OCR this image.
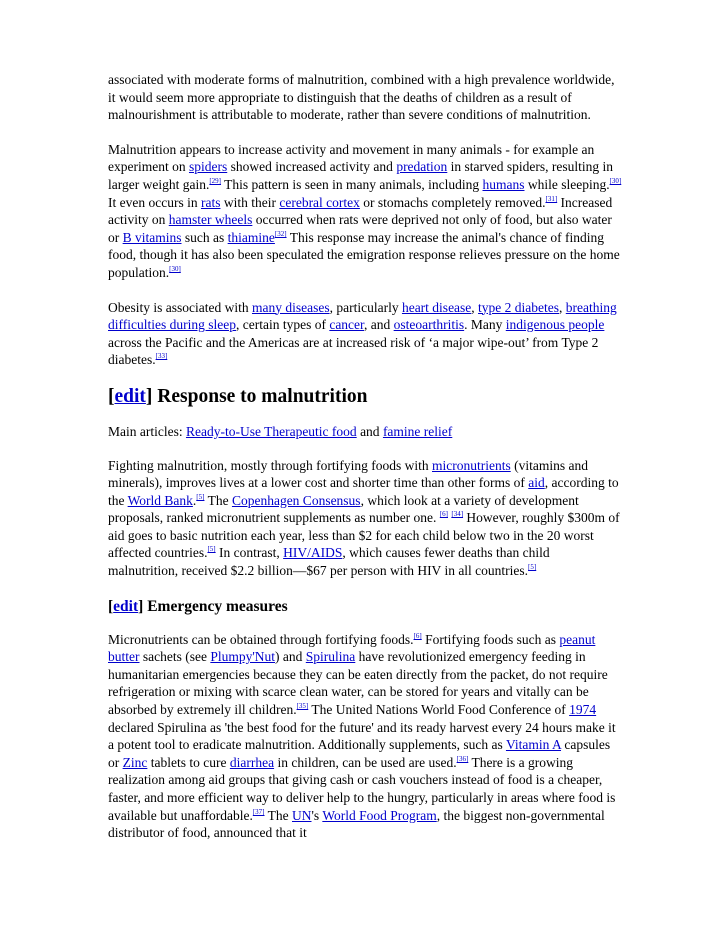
associated with moderate forms of malnutrition, combined with a high prevalence worldwide, it would seem more appropriate to distinguish that the deaths of children as a result of malnourishment is attributable to moderate, rather than severe conditions of malnutrition.

Malnutrition appears to increase activity and movement in many animals - for example an experiment on spiders showed increased activity and predation in starved spiders, resulting in larger weight gain.[29] This pattern is seen in many animals, including humans while sleeping.[30] It even occurs in rats with their cerebral cortex or stomachs completely removed.[31] Increased activity on hamster wheels occurred when rats were deprived not only of food, but also water or B vitamins such as thiamine[32] This response may increase the animal's chance of finding food, though it has also been speculated the emigration response relieves pressure on the home population.[30]

Obesity is associated with many diseases, particularly heart disease, type 2 diabetes, breathing difficulties during sleep, certain types of cancer, and osteoarthritis. Many indigenous people across the Pacific and the Americas are at increased risk of ‘a major wipe-out’ from Type 2 diabetes.[33]

[edit] Response to malnutrition

Main articles: Ready-to-Use Therapeutic food and famine relief

Fighting malnutrition, mostly through fortifying foods with micronutrients (vitamins and minerals), improves lives at a lower cost and shorter time than other forms of aid, according to the World Bank.[5] The Copenhagen Consensus, which look at a variety of development proposals, ranked micronutrient supplements as number one. [6] [34] However, roughly $300m of aid goes to basic nutrition each year, less than $2 for each child below two in the 20 worst affected countries.[5] In contrast, HIV/AIDS, which causes fewer deaths than child malnutrition, received $2.2 billion—$67 per person with HIV in all countries.[5]

[edit] Emergency measures

Micronutrients can be obtained through fortifying foods.[6] Fortifying foods such as peanut butter sachets (see Plumpy'Nut) and Spirulina have revolutionized emergency feeding in humanitarian emergencies because they can be eaten directly from the packet, do not require refrigeration or mixing with scarce clean water, can be stored for years and vitally can be absorbed by extremely ill children.[35] The United Nations World Food Conference of 1974 declared Spirulina as 'the best food for the future' and its ready harvest every 24 hours make it a potent tool to eradicate malnutrition. Additionally supplements, such as Vitamin A capsules or Zinc tablets to cure diarrhea in children, can be used are used.[36] There is a growing realization among aid groups that giving cash or cash vouchers instead of food is a cheaper, faster, and more efficient way to deliver help to the hungry, particularly in areas where food is available but unaffordable.[37] The UN's World Food Program, the biggest non-governmental distributor of food, announced that it
